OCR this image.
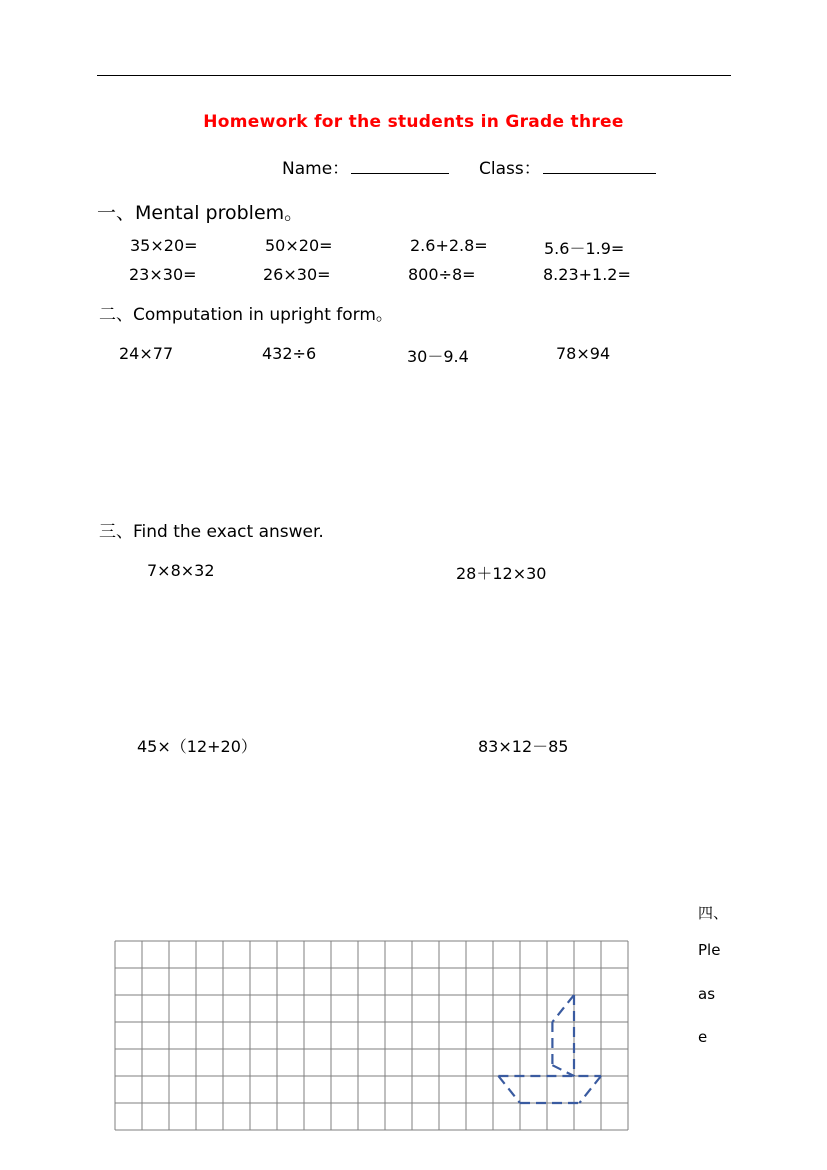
Homework for the students in Grade three
Name：	Class：
一、Mental problem。
35×20=	50×20=	2.6+2.8=	5.6－1.9=
23×30=	26×30=	800÷8=	8.23+1.2=
二、Computation in upright form。
24×77	432÷6	30－9.4	78×94
三、Find the exact answer.
7×8×32	28＋12×30
45×（12+20）	83×12－85
四、
Ple
as
e
